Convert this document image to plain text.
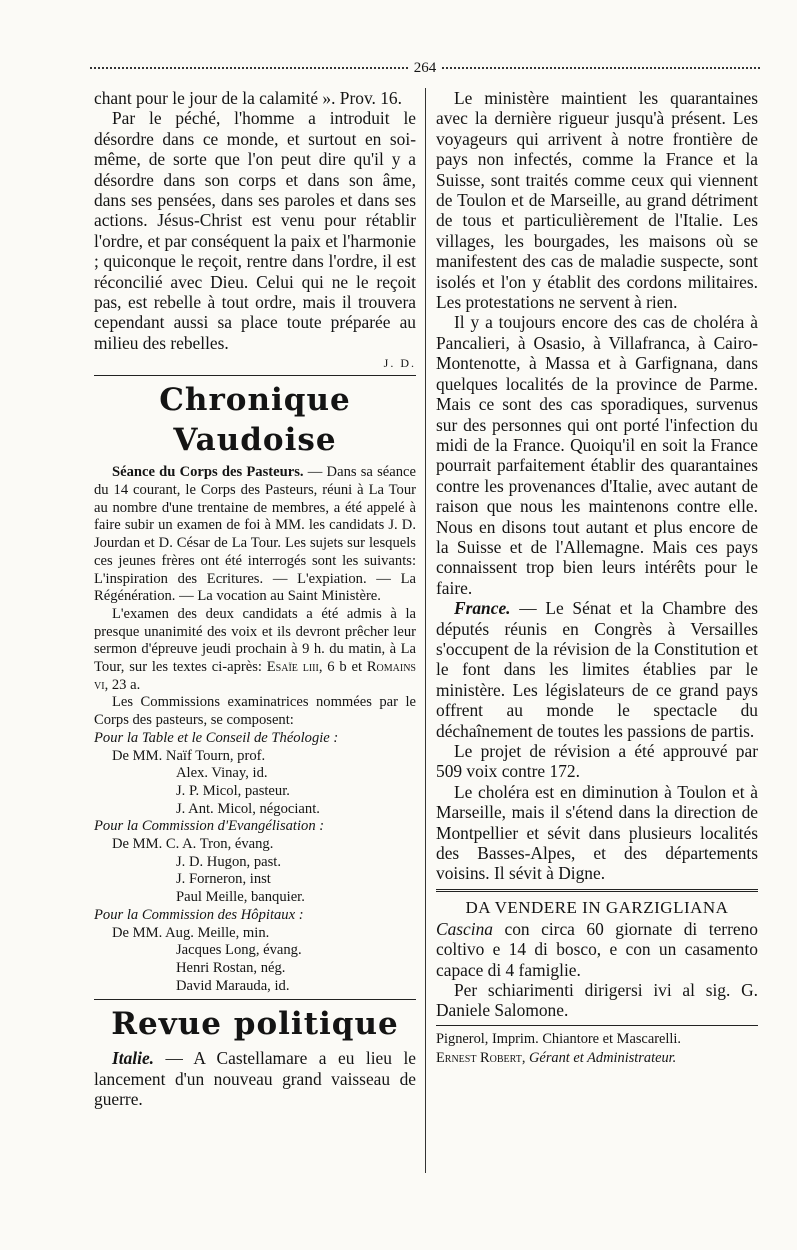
264

chant pour le jour de la calamité ». Prov. 16.

Par le péché, l'homme a introduit le désordre dans ce monde, et surtout en soi-même, de sorte que l'on peut dire qu'il y a désordre dans son corps et dans son âme, dans ses pensées, dans ses paroles et dans ses actions. Jésus-Christ est venu pour rétablir l'ordre, et par conséquent la paix et l'harmonie ; quiconque le reçoit, rentre dans l'ordre, il est réconcilié avec Dieu. Celui qui ne le reçoit pas, est rebelle à tout ordre, mais il trouvera cependant aussi sa place toute préparée au milieu des rebelles.

J. D.
Chronique Vaudoise

Séance du Corps des Pasteurs. — Dans sa séance du 14 courant, le Corps des Pasteurs, réuni à La Tour au nombre d'une trentaine de membres, a été appelé à faire subir un examen de foi à MM. les candidats J. D. Jourdan et D. César de La Tour. Les sujets sur lesquels ces jeunes frères ont été interrogés sont les suivants: L'inspiration des Ecritures. — L'expiation. — La Régénération. — La vocation au Saint Ministère.

L'examen des deux candidats a été admis à la presque unanimité des voix et ils devront prêcher leur sermon d'épreuve jeudi prochain à 9 h. du matin, à La Tour, sur les textes ci-après: Esaïe liii, 6 b et Romains vi, 23 a.

Les Commissions examinatrices nommées par le Corps des pasteurs, se composent:

Pour la Table et le Conseil de Théologie :
De MM. Naïf Tourn, prof.
Alex. Vinay, id.
J. P. Micol, pasteur.
J. Ant. Micol, négociant.
Pour la Commission d'Evangélisation :
De MM. C. A. Tron, évang.
J. D. Hugon, past.
J. Forneron, inst
Paul Meille, banquier.
Pour la Commission des Hôpitaux :
De MM. Aug. Meille, min.
Jacques Long, évang.
Henri Rostan, nég.
David Marauda, id.
Revue politique

Italie. — A Castellamare a eu lieu le lancement d'un nouveau grand vaisseau de guerre.

Le ministère maintient les quarantaines avec la dernière rigueur jusqu'à présent. Les voyageurs qui arrivent à notre frontière de pays non infectés, comme la France et la Suisse, sont traités comme ceux qui viennent de Toulon et de Marseille, au grand détriment de tous et particulièrement de l'Italie. Les villages, les bourgades, les maisons où se manifestent des cas de maladie suspecte, sont isolés et l'on y établit des cordons militaires. Les protestations ne servent à rien.

Il y a toujours encore des cas de choléra à Pancalieri, à Osasio, à Villafranca, à Cairo-Montenotte, à Massa et à Garfignana, dans quelques localités de la province de Parme. Mais ce sont des cas sporadiques, survenus sur des personnes qui ont porté l'infection du midi de la France. Quoiqu'il en soit la France pourrait parfaitement établir des quarantaines contre les provenances d'Italie, avec autant de raison que nous les maintenons contre elle. Nous en disons tout autant et plus encore de la Suisse et de l'Allemagne. Mais ces pays connaissent trop bien leurs intérêts pour le faire.

France. — Le Sénat et la Chambre des députés réunis en Congrès à Versailles s'occupent de la révision de la Constitution et le font dans les limites établies par le ministère. Les législateurs de ce grand pays offrent au monde le spectacle du déchaînement de toutes les passions de partis.

Le projet de révision a été approuvé par 509 voix contre 172.

Le choléra est en diminution à Toulon et à Marseille, mais il s'étend dans la direction de Montpellier et sévit dans plusieurs localités des Basses-Alpes, et des départements voisins. Il sévit à Digne.

DA VENDERE IN GARZIGLIANA

Cascina con circa 60 giornate di terreno coltivo e 14 di bosco, e con un casamento capace di 4 famiglie.

Per schiarimenti dirigersi ivi al sig. G. Daniele Salomone.

Pignerol, Imprim. Chiantore et Mascarelli.

Ernest Robert, Gérant et Administrateur.
